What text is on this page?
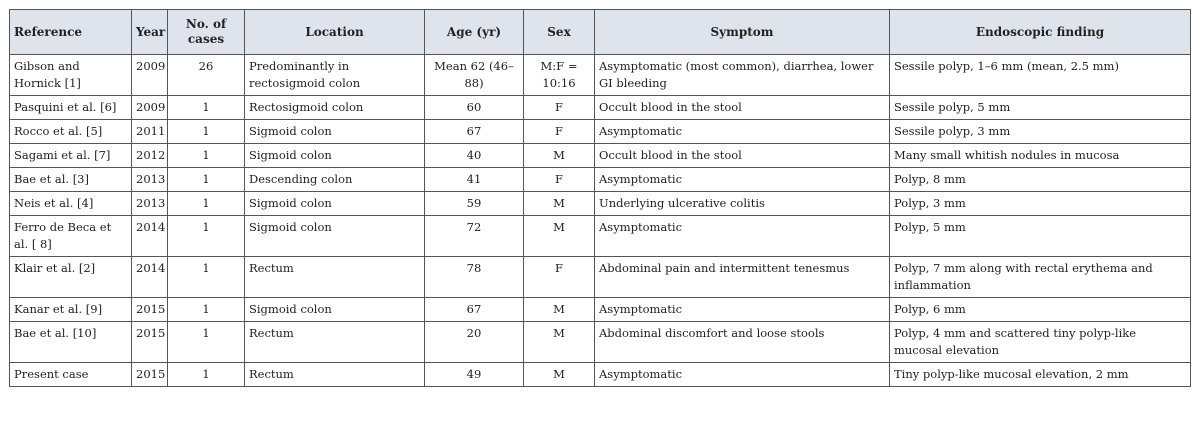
Reference	Year	No. of cases	Location	Age (yr)	Sex	Symptom	Endoscopic finding
Gibson and Hornick [1]	2009	26	Predominantly in rectosigmoid colon	Mean 62 (46–88)	M:F = 10:16	Asymptomatic (most common), diarrhea, lower GI bleeding	Sessile polyp, 1–6 mm (mean, 2.5 mm)
Pasquini et al. [6]	2009	1	Rectosigmoid colon	60	F	Occult blood in the stool	Sessile polyp, 5 mm
Rocco et al. [5]	2011	1	Sigmoid colon	67	F	Asymptomatic	Sessile polyp, 3 mm
Sagami et al. [7]	2012	1	Sigmoid colon	40	M	Occult blood in the stool	Many small whitish nodules in mucosa
Bae et al. [3]	2013	1	Descending colon	41	F	Asymptomatic	Polyp, 8 mm
Neis et al. [4]	2013	1	Sigmoid colon	59	M	Underlying ulcerative colitis	Polyp, 3 mm
Ferro de Beca et al. [ 8]	2014	1	Sigmoid colon	72	M	Asymptomatic	Polyp, 5 mm
Klair et al. [2]	2014	1	Rectum	78	F	Abdominal pain and intermittent tenesmus	Polyp, 7 mm along with rectal erythema and inflammation
Kanar et al. [9]	2015	1	Sigmoid colon	67	M	Asymptomatic	Polyp, 6 mm
Bae et al. [10]	2015	1	Rectum	20	M	Abdominal discomfort and loose stools	Polyp, 4 mm and scattered tiny polyp-like mucosal elevation
Present case	2015	1	Rectum	49	M	Asymptomatic	Tiny polyp-like mucosal elevation, 2 mm
